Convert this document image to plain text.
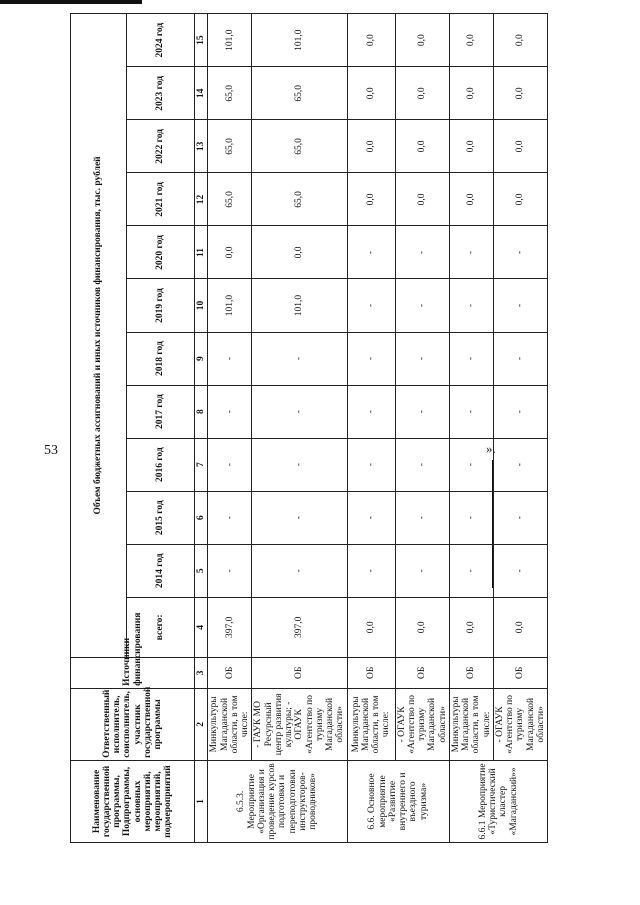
53	».
Наименование государственной программы, Подпрограммы, основных мероприятий, мероприятий, подмероприятий	Ответственный исполнитель, соисполнитель, участник государственной программы	Источники финансирования	Объем бюджетных ассигнований и иных источников финансирования, тыс. рублей											
			всего:	2014 год	2015 год	2016 год	2017 год	2018 год	2019 год	2020 год	2021 год	2022 год	2023 год	2024 год
1	2	3	4	5	6	7	8	9	10	11	12	13	14	15
6.5.3. Мероприятие «Организация и проведение курсов подготовки и переподготовки инструкторов-проводников»	Минкультуры Магаданской области, в том числе:	ОБ	397,0	-	-	-	-	-	101,0	0,0	65,0	65,0	65,0	101,0
	- ГАУК МО Ресурсный центр развития культуры; - ОГАУК «Агентство по туризму Магаданской области»	ОБ	397,0	-	-	-	-	-	101,0	0,0	65,0	65,0	65,0	101,0
6.6. Основное мероприятие «Развитие внутреннего и въездного туризма»	Минкультуры Магаданской области, в том числе:	ОБ	0,0	-	-	-	-	-	-	-	0,0	0,0	0,0	0,0
	- ОГАУК «Агентство по туризму Магаданской области»	ОБ	0,0	-	-	-	-	-	-	-	0,0	0,0	0,0	0,0
6.6.1 Мероприятие «Туристический кластер «Магаданский»»	Минкультуры Магаданской области, в том числе:	ОБ	0,0	-	-	-	-	-	-	-	0,0	0,0	0,0	0,0
	- ОГАУК «Агентство по туризму Магаданской области»	ОБ	0,0	-	-	-	-	-	-	-	0,0	0,0	0,0	0,0
